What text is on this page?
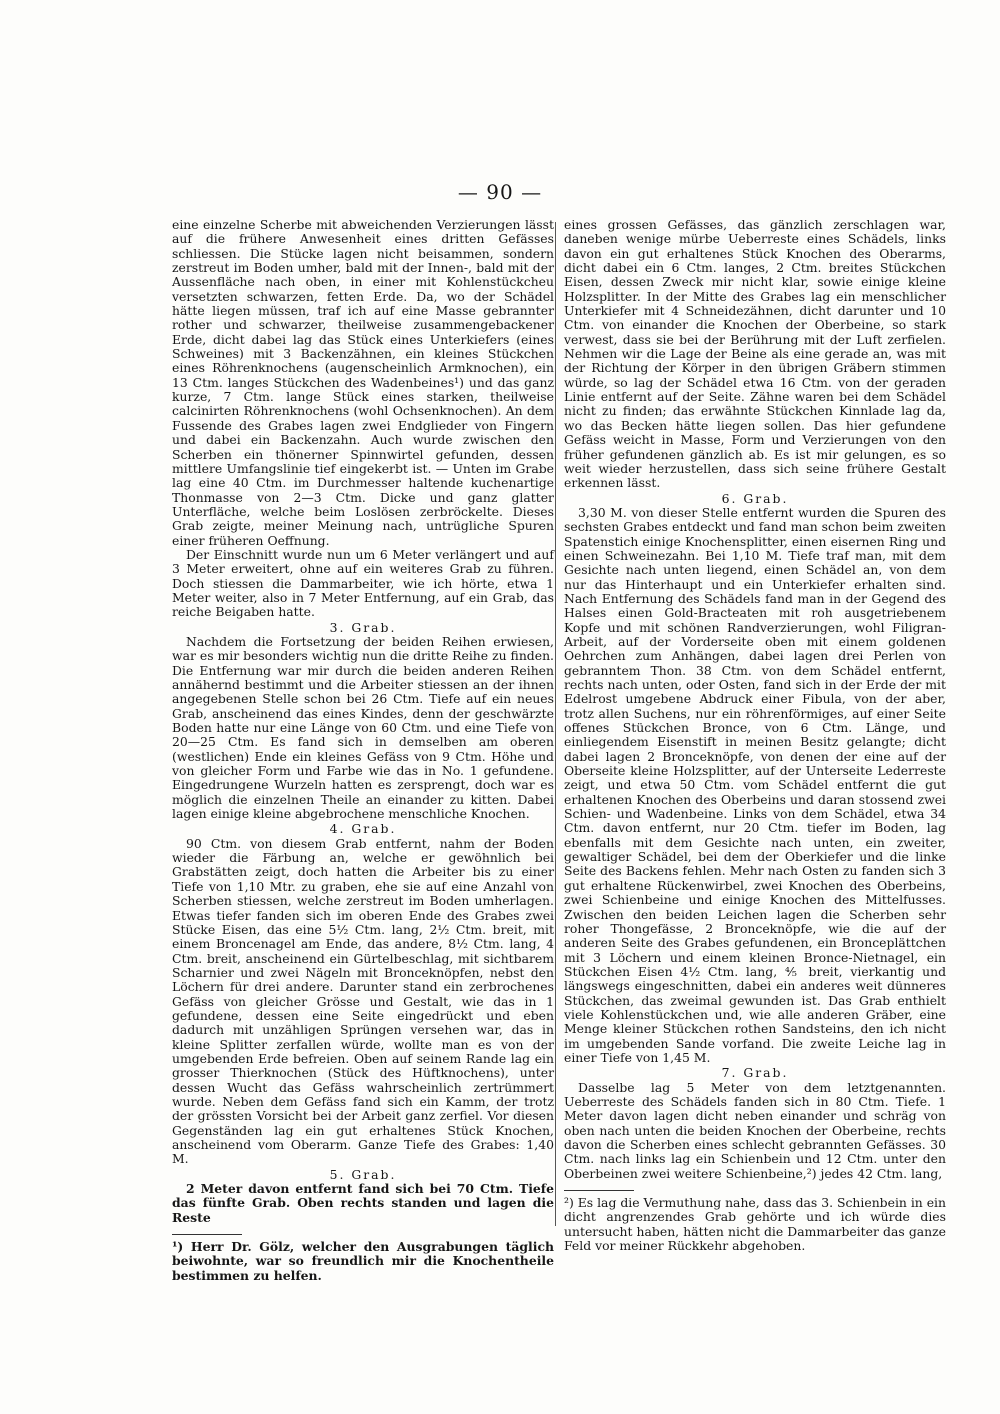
— 90 —

eine einzelne Scherbe mit abweichenden Verzierungen lässt auf die frühere Anwesenheit eines dritten Gefässes schliessen. Die Stücke lagen nicht beisammen, sondern zerstreut im Boden umher, bald mit der Innen-, bald mit der Aussenfläche nach oben, in einer mit Kohlenstückcheu versetzten schwarzen, fetten Erde. Da, wo der Schädel hätte liegen müssen, traf ich auf eine Masse gebrannter rother und schwarzer, theilweise zusammengebackener Erde, dicht dabei lag das Stück eines Unterkiefers (eines Schweines) mit 3 Backenzähnen, ein kleines Stückchen eines Röhrenknochens (augenscheinlich Armknochen), ein 13 Ctm. langes Stückchen des Wadenbeines¹) und das ganz kurze, 7 Ctm. lange Stück eines starken, theilweise calcinirten Röhrenknochens (wohl Ochsenknochen). An dem Fussende des Grabes lagen zwei Endglieder von Fingern und dabei ein Backenzahn. Auch wurde zwischen den Scherben ein thönerner Spinnwirtel gefunden, dessen mittlere Umfangslinie tief eingekerbt ist. — Unten im Grabe lag eine 40 Ctm. im Durchmesser haltende kuchenartige Thonmasse von 2—3 Ctm. Dicke und ganz glatter Unterfläche, welche beim Loslösen zerbröckelte. Dieses Grab zeigte, meiner Meinung nach, untrügliche Spuren einer früheren Oeffnung.

Der Einschnitt wurde nun um 6 Meter verlängert und auf 3 Meter erweitert, ohne auf ein weiteres Grab zu führen. Doch stiessen die Dammarbeiter, wie ich hörte, etwa 1 Meter weiter, also in 7 Meter Entfernung, auf ein Grab, das reiche Beigaben hatte.

3. Grab.

Nachdem die Fortsetzung der beiden Reihen erwiesen, war es mir besonders wichtig nun die dritte Reihe zu finden. Die Entfernung war mir durch die beiden anderen Reihen annähernd bestimmt und die Arbeiter stiessen an der ihnen angegebenen Stelle schon bei 26 Ctm. Tiefe auf ein neues Grab, anscheinend das eines Kindes, denn der geschwärzte Boden hatte nur eine Länge von 60 Ctm. und eine Tiefe von 20—25 Ctm. Es fand sich in demselben am oberen (westlichen) Ende ein kleines Gefäss von 9 Ctm. Höhe und von gleicher Form und Farbe wie das in No. 1 gefundene. Eingedrungene Wurzeln hatten es zersprengt, doch war es möglich die einzelnen Theile an einander zu kitten. Dabei lagen einige kleine abgebrochene menschliche Knochen.

4. Grab.

90 Ctm. von diesem Grab entfernt, nahm der Boden wieder die Färbung an, welche er gewöhnlich bei Grabstätten zeigt, doch hatten die Arbeiter bis zu einer Tiefe von 1,10 Mtr. zu graben, ehe sie auf eine Anzahl von Scherben stiessen, welche zerstreut im Boden umherlagen. Etwas tiefer fanden sich im oberen Ende des Grabes zwei Stücke Eisen, das eine 5½ Ctm. lang, 2½ Ctm. breit, mit einem Broncenagel am Ende, das andere, 8½ Ctm. lang, 4 Ctm. breit, anscheinend ein Gürtelbeschlag, mit sichtbarem Scharnier und zwei Nägeln mit Bronceknöpfen, nebst den Löchern für drei andere. Darunter stand ein zerbrochenes Gefäss von gleicher Grösse und Gestalt, wie das in 1 gefundene, dessen eine Seite eingedrückt und eben dadurch mit unzähligen Sprüngen versehen war, das in kleine Splitter zerfallen würde, wollte man es von der umgebenden Erde befreien. Oben auf seinem Rande lag ein grosser Thierknochen (Stück des Hüftknochens), unter dessen Wucht das Gefäss wahrscheinlich zertrümmert wurde. Neben dem Gefäss fand sich ein Kamm, der trotz der grössten Vorsicht bei der Arbeit ganz zerfiel. Vor diesen Gegenständen lag ein gut erhaltenes Stück Knochen, anscheinend vom Oberarm. Ganze Tiefe des Grabes: 1,40 M.

5. Grab.

2 Meter davon entfernt fand sich bei 70 Ctm. Tiefe das fünfte Grab. Oben rechts standen und lagen die Reste

¹) Herr Dr. Gölz, welcher den Ausgrabungen täglich beiwohnte, war so freundlich mir die Knochentheile bestimmen zu helfen.

eines grossen Gefässes, das gänzlich zerschlagen war, daneben wenige mürbe Ueberreste eines Schädels, links davon ein gut erhaltenes Stück Knochen des Oberarms, dicht dabei ein 6 Ctm. langes, 2 Ctm. breites Stückchen Eisen, dessen Zweck mir nicht klar, sowie einige kleine Holzsplitter. In der Mitte des Grabes lag ein menschlicher Unterkiefer mit 4 Schneidezähnen, dicht darunter und 10 Ctm. von einander die Knochen der Oberbeine, so stark verwest, dass sie bei der Berührung mit der Luft zerfielen. Nehmen wir die Lage der Beine als eine gerade an, was mit der Richtung der Körper in den übrigen Gräbern stimmen würde, so lag der Schädel etwa 16 Ctm. von der geraden Linie entfernt auf der Seite. Zähne waren bei dem Schädel nicht zu finden; das erwähnte Stückchen Kinnlade lag da, wo das Becken hätte liegen sollen. Das hier gefundene Gefäss weicht in Masse, Form und Verzierungen von den früher gefundenen gänzlich ab. Es ist mir gelungen, es so weit wieder herzustellen, dass sich seine frühere Gestalt erkennen lässt.

6. Grab.

3,30 M. von dieser Stelle entfernt wurden die Spuren des sechsten Grabes entdeckt und fand man schon beim zweiten Spatenstich einige Knochensplitter, einen eisernen Ring und einen Schweinezahn. Bei 1,10 M. Tiefe traf man, mit dem Gesichte nach unten liegend, einen Schädel an, von dem nur das Hinterhaupt und ein Unterkiefer erhalten sind. Nach Entfernung des Schädels fand man in der Gegend des Halses einen Gold-Bracteaten mit roh ausgetriebenem Kopfe und mit schönen Randverzierungen, wohl Filigran-Arbeit, auf der Vorderseite oben mit einem goldenen Oehrchen zum Anhängen, dabei lagen drei Perlen von gebranntem Thon. 38 Ctm. von dem Schädel entfernt, rechts nach unten, oder Osten, fand sich in der Erde der mit Edelrost umgebene Abdruck einer Fibula, von der aber, trotz allen Suchens, nur ein röhrenförmiges, auf einer Seite offenes Stückchen Bronce, von 6 Ctm. Länge, und einliegendem Eisenstift in meinen Besitz gelangte; dicht dabei lagen 2 Bronceknöpfe, von denen der eine auf der Oberseite kleine Holzsplitter, auf der Unterseite Lederreste zeigt, und etwa 50 Ctm. vom Schädel entfernt die gut erhaltenen Knochen des Oberbeins und daran stossend zwei Schien- und Wadenbeine. Links von dem Schädel, etwa 34 Ctm. davon entfernt, nur 20 Ctm. tiefer im Boden, lag ebenfalls mit dem Gesichte nach unten, ein zweiter, gewaltiger Schädel, bei dem der Oberkiefer und die linke Seite des Backens fehlen. Mehr nach Osten zu fanden sich 3 gut erhaltene Rückenwirbel, zwei Knochen des Oberbeins, zwei Schienbeine und einige Knochen des Mittelfusses. Zwischen den beiden Leichen lagen die Scherben sehr roher Thongefässe, 2 Bronceknöpfe, wie die auf der anderen Seite des Grabes gefundenen, ein Broncеplättchen mit 3 Löchern und einem kleinen Bronce-Nietnagel, ein Stückchen Eisen 4½ Ctm. lang, ⅘ breit, vierkantig und längswegs eingeschnitten, dabei ein anderes weit dünneres Stückchen, das zweimal gewunden ist. Das Grab enthielt viele Kohlenstückchen und, wie alle anderen Gräber, eine Menge kleiner Stückchen rothen Sandsteins, den ich nicht im umgebenden Sande vorfand. Die zweite Leiche lag in einer Tiefe von 1,45 M.

7. Grab.

Dasselbe lag 5 Meter von dem letztgenannten. Ueberreste des Schädels fanden sich in 80 Ctm. Tiefe. 1 Meter davon lagen dicht neben einander und schräg von oben nach unten die beiden Knochen der Oberbeine, rechts davon die Scherben eines schlecht gebrannten Gefässes. 30 Ctm. nach links lag ein Schienbein und 12 Ctm. unter den Oberbeinen zwei weitere Schienbeine,²) jedes 42 Ctm. lang,

²) Es lag die Vermuthung nahe, dass das 3. Schienbein in ein dicht angrenzendes Grab gehörte und ich würde dies untersucht haben, hätten nicht die Dammarbeiter das ganze Feld vor meiner Rückkehr abgehoben.
